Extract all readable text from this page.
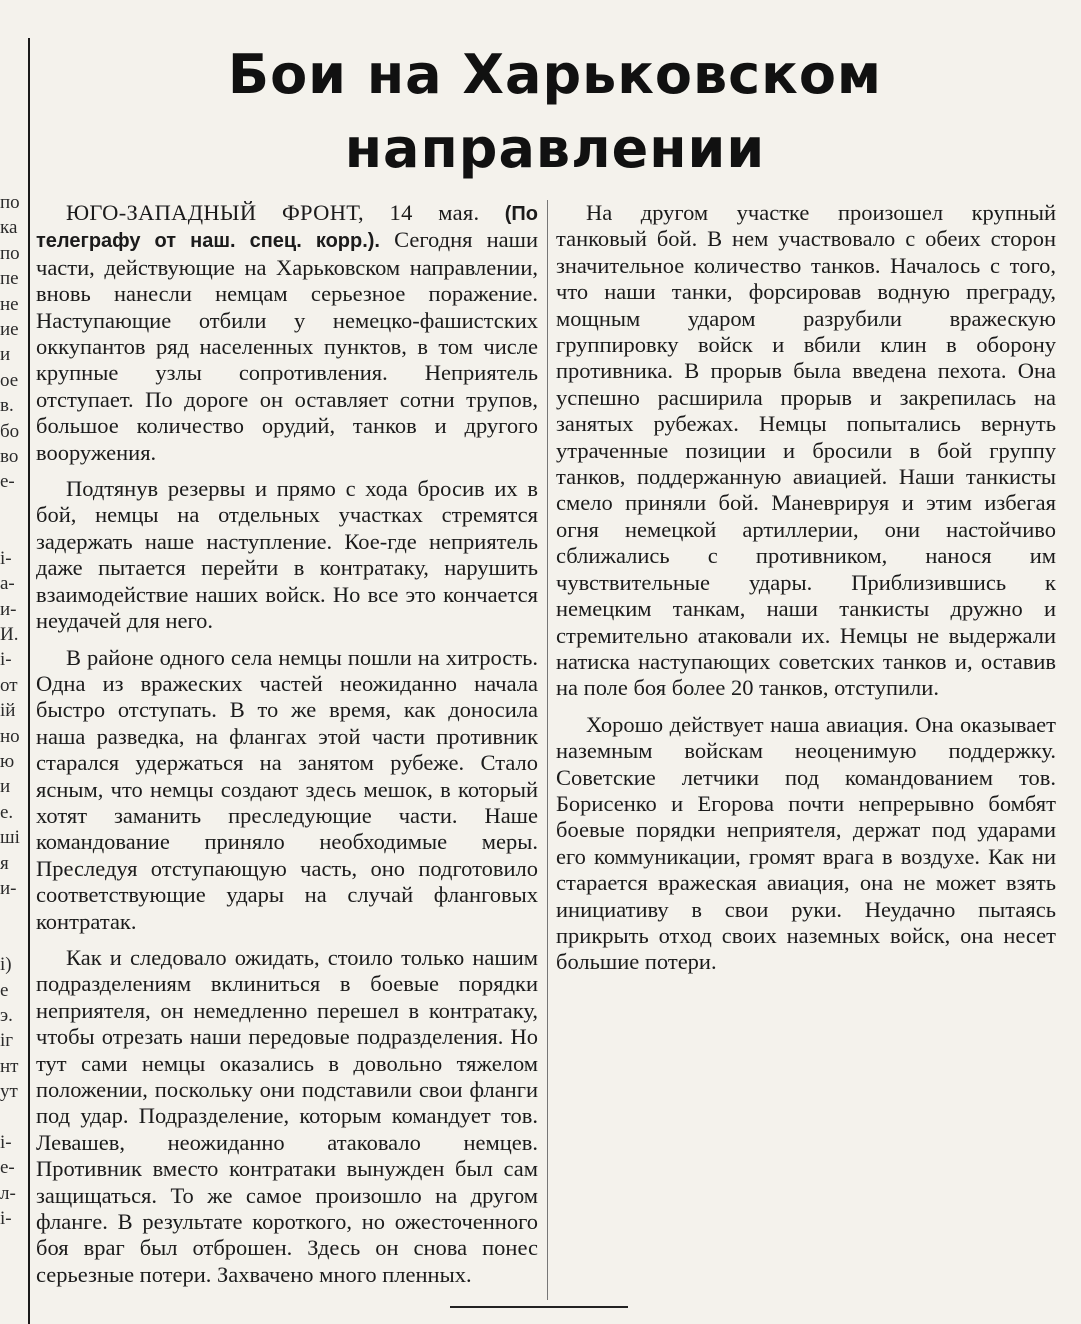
по
ка
по
пе
не
ие
и
ое
в.
бо
во
е-

і-
а-
и-
И.
і-
от
ій
но
ю
и
е.
ші
я
и-

і)
е
э.
іг
нт
ут

і-
е-
л-
і-
Бои на Харьковском направлении

ЮГО-ЗАПАДНЫЙ ФРОНТ, 14 мая. (По телеграфу от наш. спец. корр.). Сегодня наши части, действующие на Харьковском направлении, вновь нанесли немцам серьезное поражение. Наступающие отбили у немецко-фашистских оккупантов ряд населенных пунктов, в том числе крупные узлы сопротивления. Неприятель отступает. По дороге он оставляет сотни трупов, большое количество орудий, танков и другого вооружения.

Подтянув резервы и прямо с хода бросив их в бой, немцы на отдельных участках стремятся задержать наше наступление. Кое-где неприятель даже пытается перейти в контратаку, нарушить взаимодействие наших войск. Но все это кончается неудачей для него.

В районе одного села немцы пошли на хитрость. Одна из вражеских частей неожиданно начала быстро отступать. В то же время, как доносила наша разведка, на флангах этой части противник старался удержаться на занятом рубеже. Стало ясным, что немцы создают здесь мешок, в который хотят заманить преследующие части. Наше командование приняло необходимые меры. Преследуя отступающую часть, оно подготовило соответствующие удары на случай фланговых контратак.

Как и следовало ожидать, стоило только нашим подразделениям вклиниться в боевые порядки неприятеля, он немедленно перешел в контратаку, чтобы отрезать наши передовые подразделения. Но тут сами немцы оказались в довольно тяжелом положении, поскольку они подставили свои фланги под удар. Подразделение, которым командует тов. Левашев, неожиданно атаковало немцев. Противник вместо контратаки вынужден был сам защищаться. То же самое произошло на другом фланге. В результате короткого, но ожесточенного боя враг был отброшен. Здесь он снова понес серьезные потери. Захвачено много пленных.

На другом участке произошел крупный танковый бой. В нем участвовало с обеих сторон значительное количество танков. Началось с того, что наши танки, форсировав водную преграду, мощным ударом разрубили вражескую группировку войск и вбили клин в оборону противника. В прорыв была введена пехота. Она успешно расширила прорыв и закрепилась на занятых рубежах. Немцы попытались вернуть утраченные позиции и бросили в бой группу танков, поддержанную авиацией. Наши танкисты смело приняли бой. Маневрируя и этим избегая огня немецкой артиллерии, они настойчиво сближались с противником, нанося им чувствительные удары. Приблизившись к немецким танкам, наши танкисты дружно и стремительно атаковали их. Немцы не выдержали натиска наступающих советских танков и, оставив на поле боя более 20 танков, отступили.

Хорошо действует наша авиация. Она оказывает наземным войскам неоценимую поддержку. Советские летчики под командованием тов. Борисенко и Егорова почти непрерывно бомбят боевые порядки неприятеля, держат под ударами его коммуникации, громят врага в воздухе. Как ни старается вражеская авиация, она не может взять инициативу в свои руки. Неудачно пытаясь прикрыть отход своих наземных войск, она несет большие потери.
